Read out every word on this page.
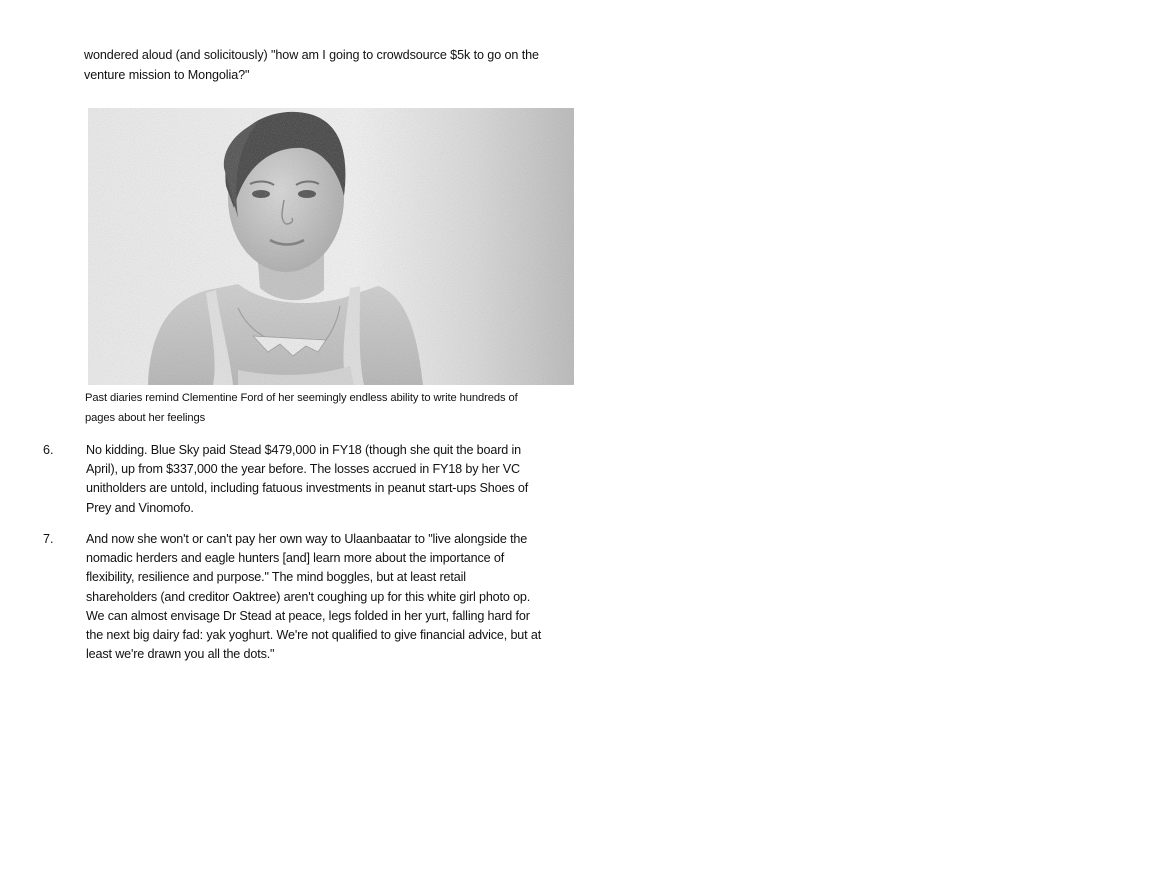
wondered aloud (and solicitously) "how am I going to crowdsource $5k to go on the
venture mission to Mongolia?"
Past diaries remind Clementine Ford of her seemingly endless ability to write hundreds of
pages about her feelings
6.	No kidding. Blue Sky paid Stead $479,000 in FY18 (though she quit the board in
April), up from $337,000 the year before. The losses accrued in FY18 by her VC
unitholders are untold, including fatuous investments in peanut start-ups Shoes of
Prey and Vinomofo.
7.	And now she won't or can't pay her own way to Ulaanbaatar to "live alongside the
nomadic herders and eagle hunters [and] learn more about the importance of
flexibility, resilience and purpose." The mind boggles, but at least retail
shareholders (and creditor Oaktree) aren't coughing up for this white girl photo op.
We can almost envisage Dr Stead at peace, legs folded in her yurt, falling hard for
the next big dairy fad: yak yoghurt. We're not qualified to give financial advice, but at
least we're drawn you all the dots."
